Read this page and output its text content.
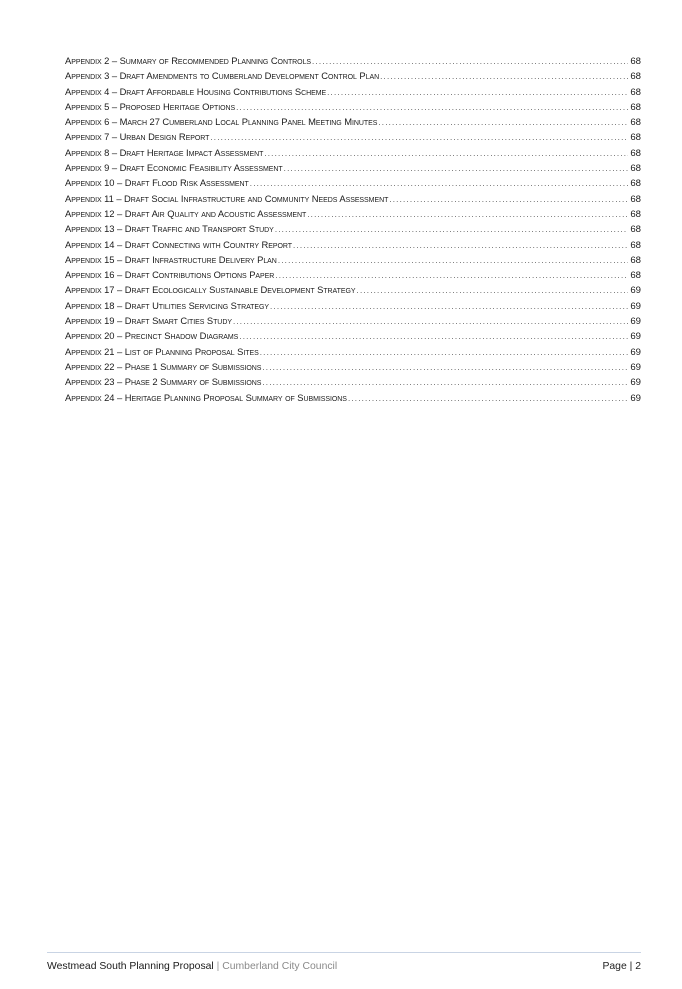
Appendix 2 – Summary of Recommended Planning Controls .....	68
Appendix 3 – Draft Amendments to Cumberland Development Control Plan .....	68
Appendix 4 – Draft Affordable Housing Contributions Scheme .....	68
Appendix 5 – Proposed Heritage Options .....	68
Appendix 6 – March 27 Cumberland Local Planning Panel Meeting Minutes .....	68
Appendix 7 – Urban Design Report .....	68
Appendix 8 – Draft Heritage Impact Assessment .....	68
Appendix 9 – Draft Economic Feasibility Assessment .....	68
Appendix 10 – Draft Flood Risk Assessment .....	68
Appendix 11 – Draft Social Infrastructure and Community Needs Assessment .....	68
Appendix 12 – Draft Air Quality and Acoustic Assessment .....	68
Appendix 13 – Draft Traffic and Transport Study .....	68
Appendix 14 – Draft Connecting with Country Report .....	68
Appendix 15 – Draft Infrastructure Delivery Plan .....	68
Appendix 16 – Draft Contributions Options Paper .....	68
Appendix 17 – Draft Ecologically Sustainable Development Strategy .....	69
Appendix 18 – Draft Utilities Servicing Strategy .....	69
Appendix 19 – Draft Smart Cities Study .....	69
Appendix 20 – Precinct Shadow Diagrams .....	69
Appendix 21 – List of Planning Proposal Sites .....	69
Appendix 22 – Phase 1 Summary of Submissions .....	69
Appendix 23 – Phase 2 Summary of Submissions .....	69
Appendix 24 – Heritage Planning Proposal Summary of Submissions .....	69
Westmead South Planning Proposal | Cumberland City Council	Page | 2
